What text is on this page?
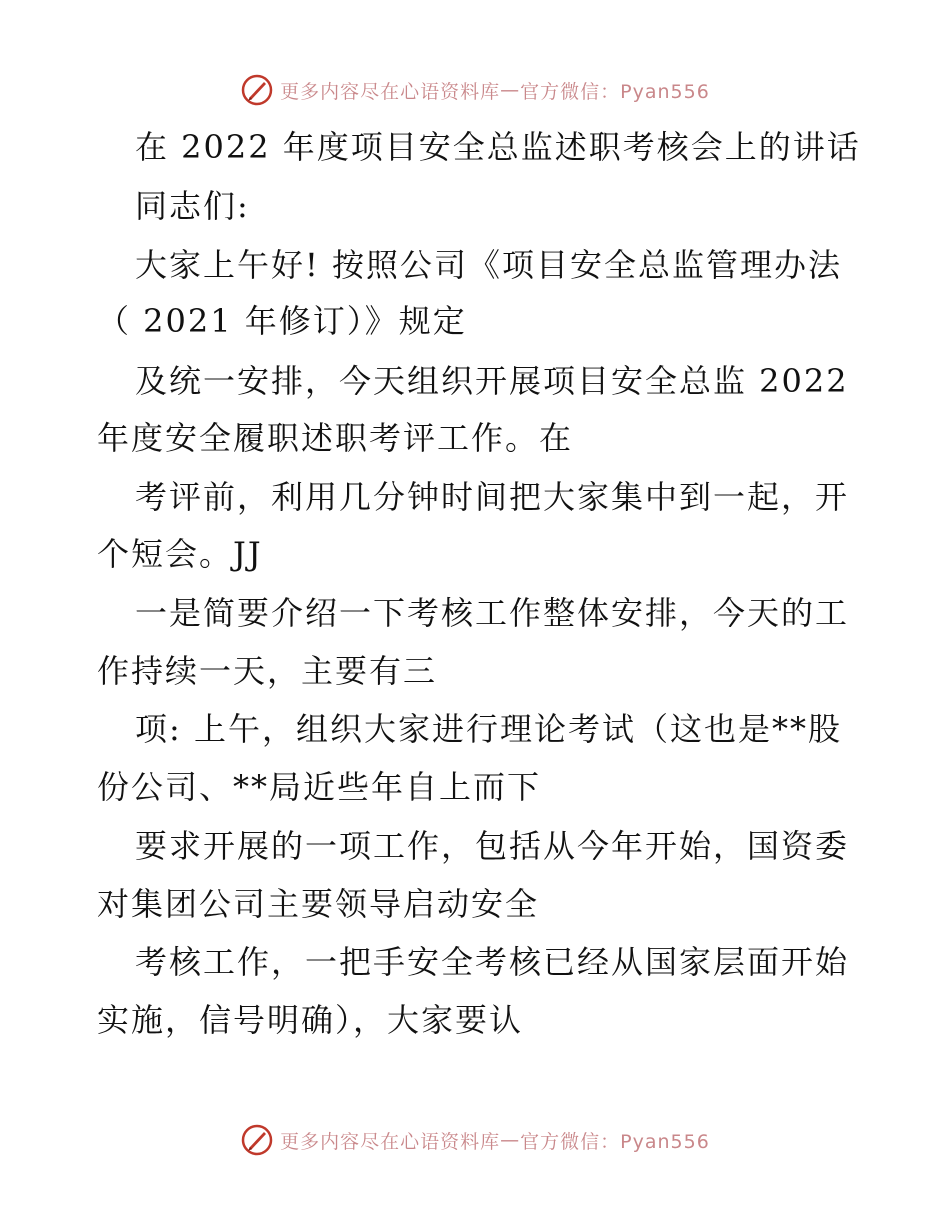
更多内容尽在心语资料库 — 官方微信：Pyan556
在 2022 年度项目安全总监述职考核会上的讲话
同志们:
大家上午好! 按照公司《项目安全总监管理办法
（ 2021 年修订）》规定
及统一安排，今天组织开展项目安全总监 2022
年度安全履职述职考评工作。在
考评前，利用几分钟时间把大家集中到一起，开
个短会。JJ
一是简要介绍一下考核工作整体安排，今天的工
作持续一天，主要有三
项: 上午，组织大家进行理论考试（这也是**股
份公司、**局近些年自上而下
要求开展的一项工作，包括从今年开始，国资委
对集团公司主要领导启动安全
考核工作，一把手安全考核已经从国家层面开始
实施，信号明确），大家要认
更多内容尽在心语资料库 — 官方微信：Pyan556
